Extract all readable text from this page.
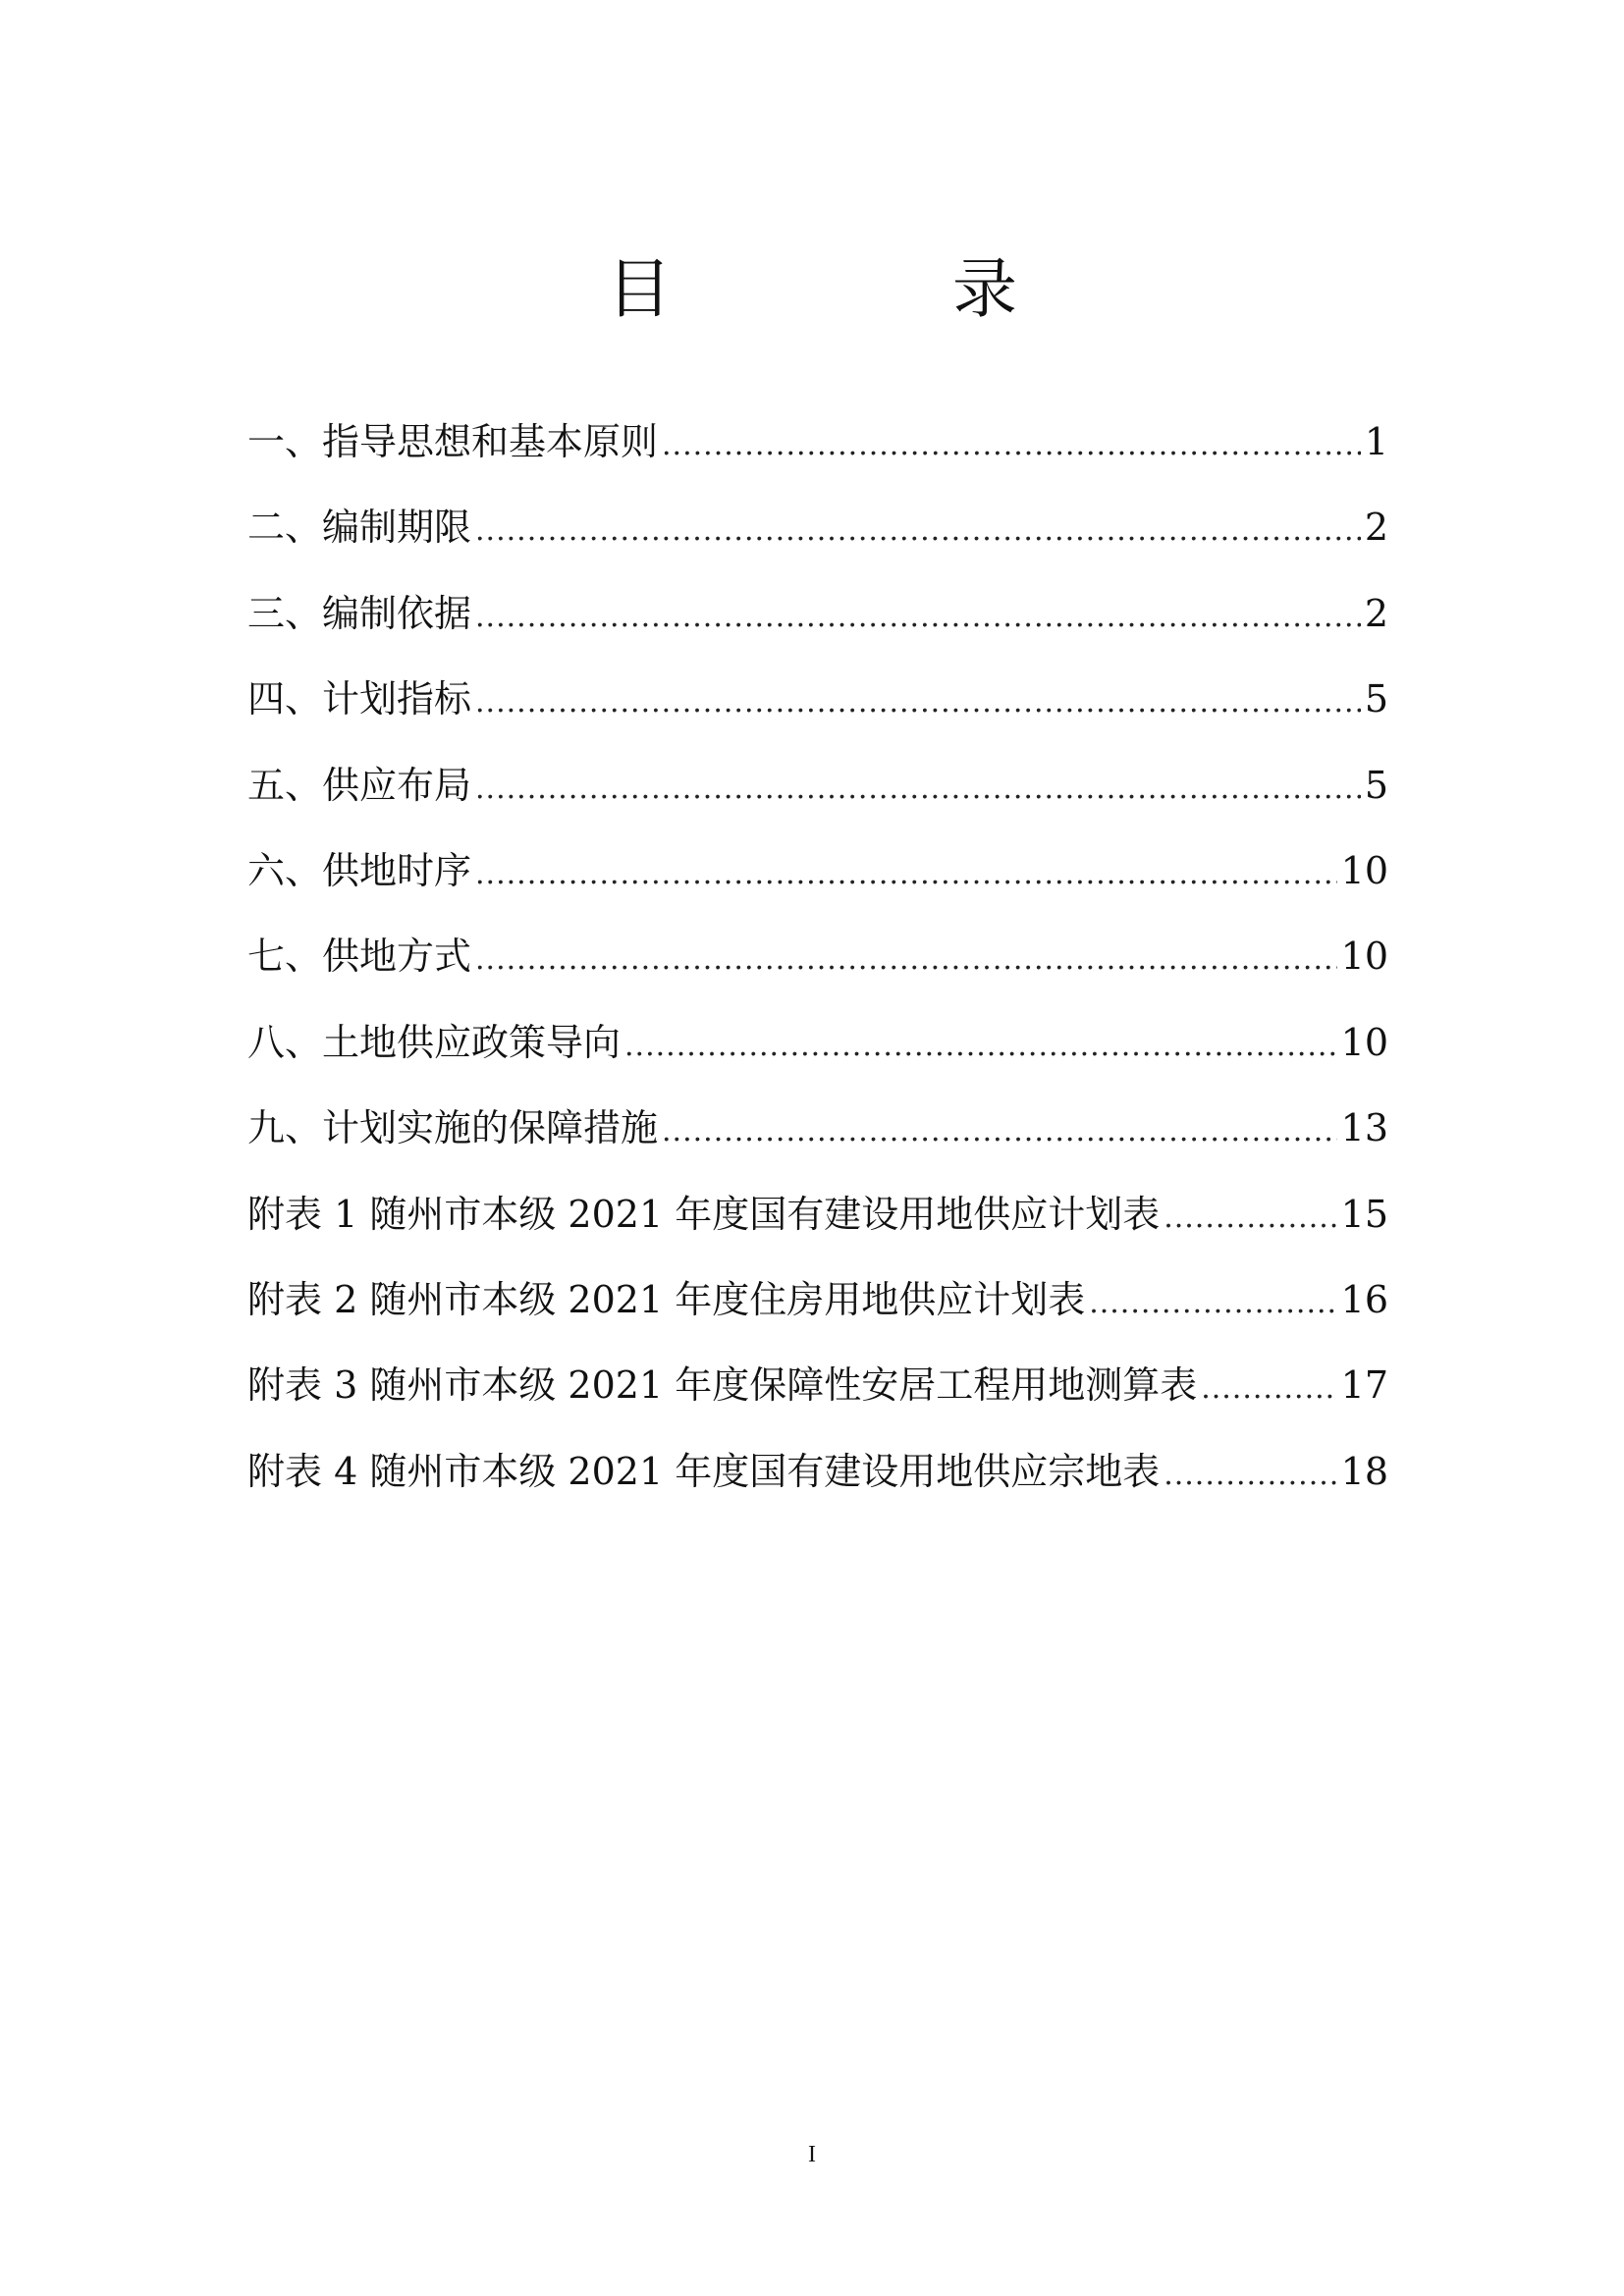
目　录
一、指导思想和基本原则 .....	1
二、编制期限 .....	2
三、编制依据 .....	2
四、计划指标 .....	5
五、供应布局 .....	5
六、供地时序 .....	10
七、供地方式 .....	10
八、土地供应政策导向 .....	10
九、计划实施的保障措施 .....	13
附表 1 随州市本级 2021 年度国有建设用地供应计划表 .....	15
附表 2 随州市本级 2021 年度住房用地供应计划表 .....	16
附表 3 随州市本级 2021 年度保障性安居工程用地测算表 .....	17
附表 4 随州市本级 2021 年度国有建设用地供应宗地表 .....	18
I
